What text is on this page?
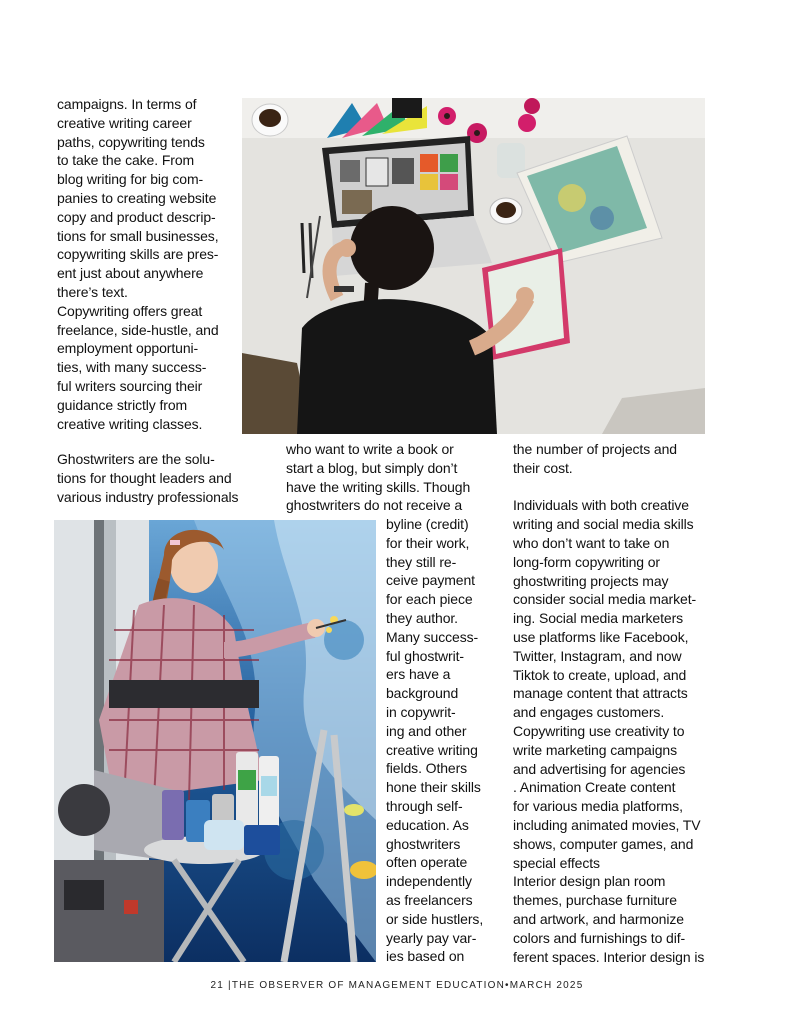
campaigns. In terms of
creative writing career
paths, copywriting tends
to take the cake. From
blog writing for big com-
panies to creating website
copy and product descrip-
tions for small businesses,
copywriting skills are pres-
ent just about anywhere
there’s text.
Copywriting offers great
freelance, side-hustle, and
employment opportuni-
ties, with many success-
ful writers sourcing their
guidance strictly from
creative writing classes.
Ghostwriters are the solu-
tions for thought leaders and
various industry professionals
who want to write a book or
start a blog, but simply don’t
have the writing skills. Though
ghostwriters do not receive a
byline (credit)
for their work,
they still re-
ceive payment
for each piece
they author.
Many success-
ful ghostwrit-
ers have a
background
in copywrit-
ing and other
creative writing
fields. Others
hone their skills
through self-
education. As
ghostwriters
often operate
independently
as freelancers
or side hustlers,
yearly pay var-
ies based on
the number of projects and
their cost.

Individuals with both creative
writing and social media skills
who don’t want to take on
long-form copywriting or
ghostwriting projects may
consider social media market-
ing. Social media marketers
use platforms like Facebook,
Twitter, Instagram, and now
Tiktok to create, upload, and
manage content that attracts
and engages customers.
Copywriting use creativity to
write marketing campaigns
and advertising for agencies
. Animation Create content
for various media platforms,
including animated movies, TV
shows, computer games, and
special effects
Interior design plan room
themes, purchase furniture
and artwork, and harmonize
colors and furnishings to dif-
ferent spaces. Interior design is
21 |THE OBSERVER OF MANAGEMENT EDUCATION•MARCH 2025
